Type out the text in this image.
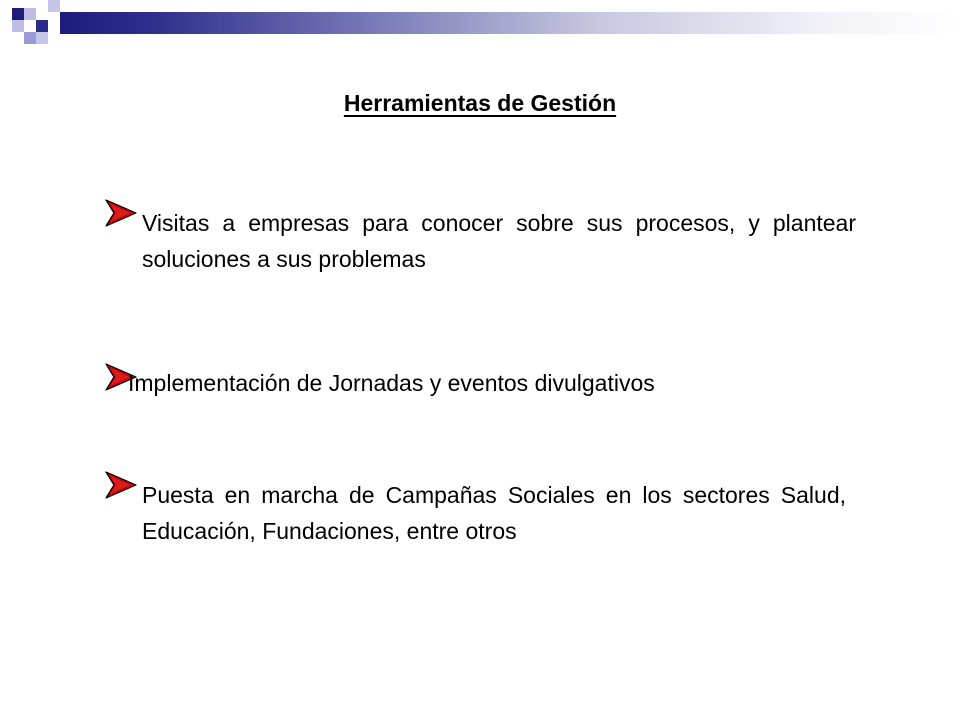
Herramientas de Gestión
Visitas a empresas para conocer sobre sus procesos, y plantear soluciones a sus problemas
Implementación de Jornadas y eventos divulgativos
Puesta en marcha de Campañas Sociales en los sectores Salud, Educación, Fundaciones, entre otros
